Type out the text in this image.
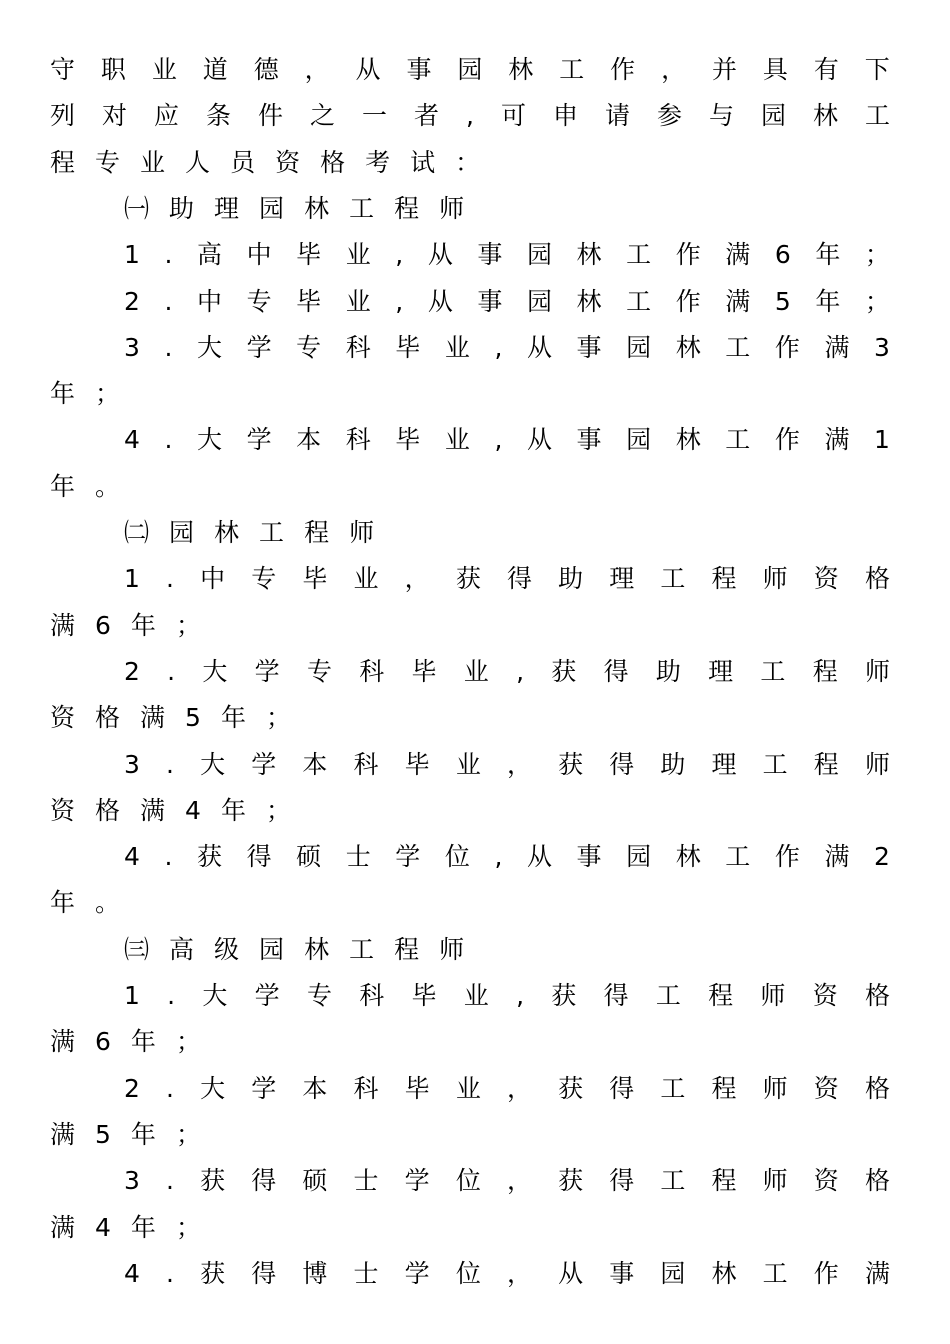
守 职 业 道 德 ， 从 事 园 林 工 作 ， 并 具 有 下
列 对 应 条 件 之 一 者 , 可 申 请 参 与 园 林 工
程 专 业 人 员 资 格 考 试 ：
㈠ 助 理 园 林 工 程 师
1 . 高 中 毕 业 , 从 事 园 林 工 作 满 6 年 ；
2 . 中 专 毕 业 , 从 事 园 林 工 作 满 5 年 ；
3 . 大 学 专 科 毕 业 , 从 事 园 林 工 作 满 3
年 ；
4 . 大 学 本 科 毕 业 , 从 事 园 林 工 作 满 1
年 。
㈡ 园 林 工 程 师
1 . 中 专 毕 业 ， 获 得 助 理 工 程 师 资 格
满 6 年 ；
2 . 大 学 专 科 毕 业 , 获 得 助 理 工 程 师
资 格 满 5 年 ；
3 . 大 学 本 科 毕 业 ， 获 得 助 理 工 程 师
资 格 满 4 年 ；
4 . 获 得 硕 士 学 位 , 从 事 园 林 工 作 满 2
年 。
㈢ 高 级 园 林 工 程 师
1 . 大 学 专 科 毕 业 , 获 得 工 程 师 资 格
满 6 年 ；
2 . 大 学 本 科 毕 业 ， 获 得 工 程 师 资 格
满 5 年 ；
3 . 获 得 硕 士 学 位 ， 获 得 工 程 师 资 格
满 4 年 ；
4 . 获 得 博 士 学 位 ， 从 事 园 林 工 作 满
